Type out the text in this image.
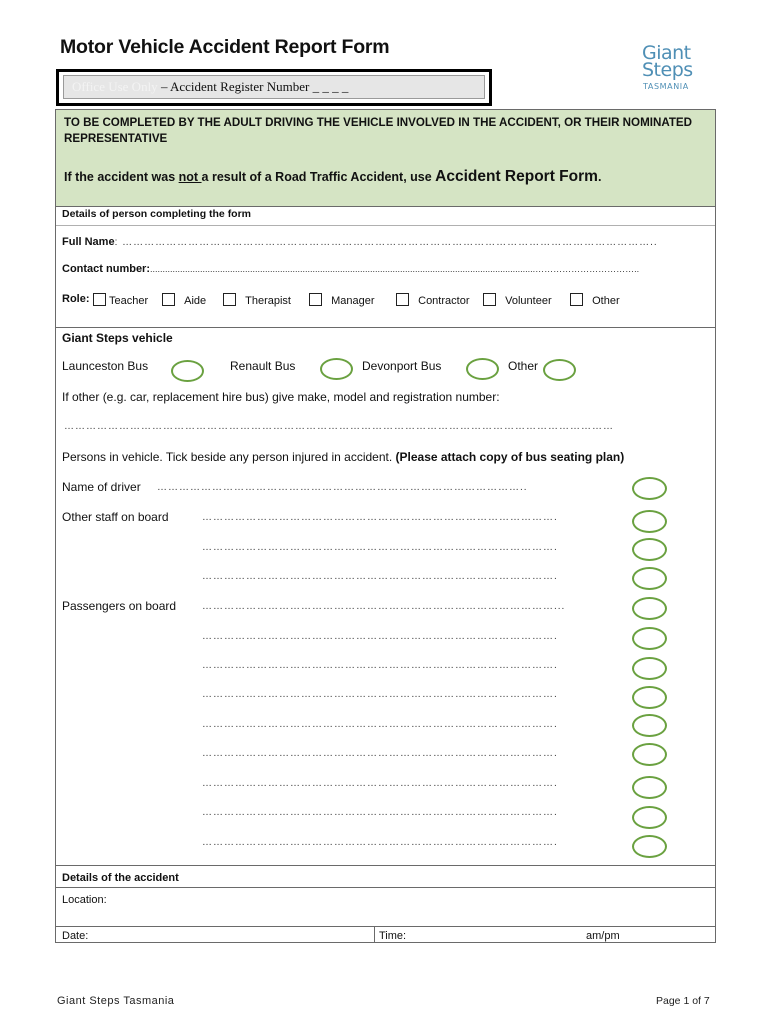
Motor Vehicle Accident Report Form	Giant
Steps
TASMANIA
Office Use Only – Accident Register Number _ _ _ _
TO BE COMPLETED BY THE ADULT DRIVING THE VEHICLE INVOLVED IN THE ACCIDENT, OR THEIR NOMINATED REPRESENTATIVE
If the accident was not a result of a Road Traffic Accident, use Accident Report Form.
Details of person completing the form
Full Name: ………………………………………………………………………………………………………………………………..
Contact number:..........................................................................................................................................................……………………………..
Role:	Teacher	Aide	Therapist	Manager	Contractor	Volunteer	Other
Giant Steps vehicle
Launceston Bus	Renault Bus	Devonport Bus	Other
If other (e.g. car, replacement hire bus) give make, model and registration number:
……………………………………………………………………………………………………………………………………
Persons in vehicle. Tick beside any person injured in accident. (Please attach copy of bus seating plan)
Name of driver ………………………………………………………………………………………..
Other staff on board	…………………………………………………………………………………….
…………………………………………………………………………………….
…………………………………………………………………………………….
Passengers on board	……………………………………………………………………………………...
…………………………………………………………………………………….
…………………………………………………………………………………….
…………………………………………………………………………………….
…………………………………………………………………………………….
…………………………………………………………………………………….
…………………………………………………………………………………….
…………………………………………………………………………………….
…………………………………………………………………………………….
Details of the accident
Location:
Date:	Time:	am/pm
Giant Steps Tasmania	Page 1 of 7
